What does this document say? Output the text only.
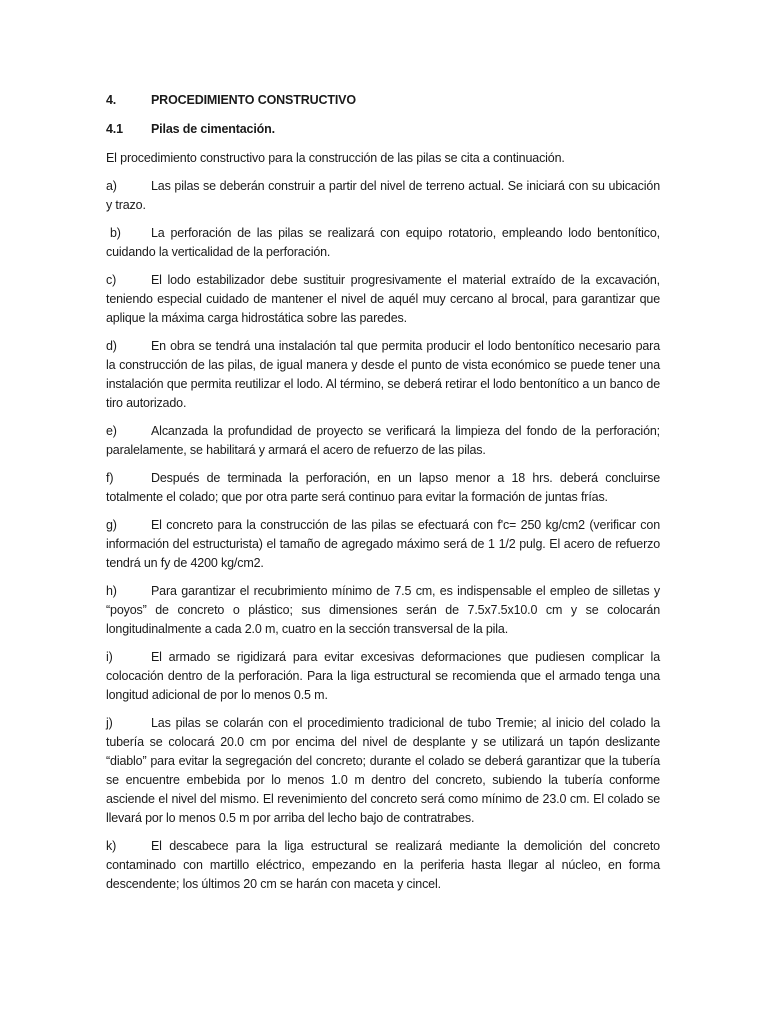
4.	PROCEDIMIENTO CONSTRUCTIVO
4.1	Pilas de cimentación.

El procedimiento constructivo para la construcción de las pilas se cita a continuación.

a)	Las pilas se deberán construir a partir del nivel de terreno actual. Se iniciará con su ubicación y trazo.

b) La perforación de las pilas se realizará con equipo rotatorio, empleando lodo bentonítico, cuidando la verticalidad de la perforación.

c)	El lodo estabilizador debe sustituir progresivamente el material extraído de la excavación, teniendo especial cuidado de mantener el nivel de aquél muy cercano al brocal, para garantizar que aplique la máxima carga hidrostática sobre las paredes.

d)	En obra se tendrá una instalación tal que permita producir el lodo bentonítico necesario para la construcción de las pilas, de igual manera y desde el punto de vista económico se puede tener una instalación que permita reutilizar el lodo. Al término, se deberá retirar el lodo bentonítico a un banco de tiro autorizado.

e)	Alcanzada la profundidad de proyecto se verificará la limpieza del fondo de la perforación; paralelamente, se habilitará y armará el acero de refuerzo de las pilas.

f)	Después de terminada la perforación, en un lapso menor a 18 hrs. deberá concluirse totalmente el colado; que por otra parte será continuo para evitar la formación de juntas frías.

g)	El concreto para la construcción de las pilas se efectuará con f'c= 250 kg/cm2 (verificar con información del estructurista) el tamaño de agregado máximo será de 1 1/2 pulg. El acero de refuerzo tendrá un fy de 4200 kg/cm2.

h)	Para garantizar el recubrimiento mínimo de 7.5 cm, es indispensable el empleo de silletas y “poyos” de concreto o plástico; sus dimensiones serán de 7.5x7.5x10.0 cm y se colocarán longitudinalmente a cada 2.0 m, cuatro en la sección transversal de la pila.

i)	El armado se rigidizará para evitar excesivas deformaciones que pudiesen complicar la colocación dentro de la perforación. Para la liga estructural se recomienda que el armado tenga una longitud adicional de por lo menos 0.5 m.

j)	Las pilas se colarán con el procedimiento tradicional de tubo Tremie; al inicio del colado la tubería se colocará 20.0 cm por encima del nivel de desplante y se utilizará un tapón deslizante “diablo” para evitar la segregación del concreto; durante el colado se deberá garantizar que la tubería se encuentre embebida por lo menos 1.0 m dentro del concreto, subiendo la tubería conforme asciende el nivel del mismo. El revenimiento del concreto será como mínimo de 23.0 cm. El colado se llevará por lo menos 0.5 m por arriba del lecho bajo de contratrabes.

k)	El descabece para la liga estructural se realizará mediante la demolición del concreto contaminado con martillo eléctrico, empezando en la periferia hasta llegar al núcleo, en forma descendente; los últimos 20 cm se harán con maceta y cincel.
